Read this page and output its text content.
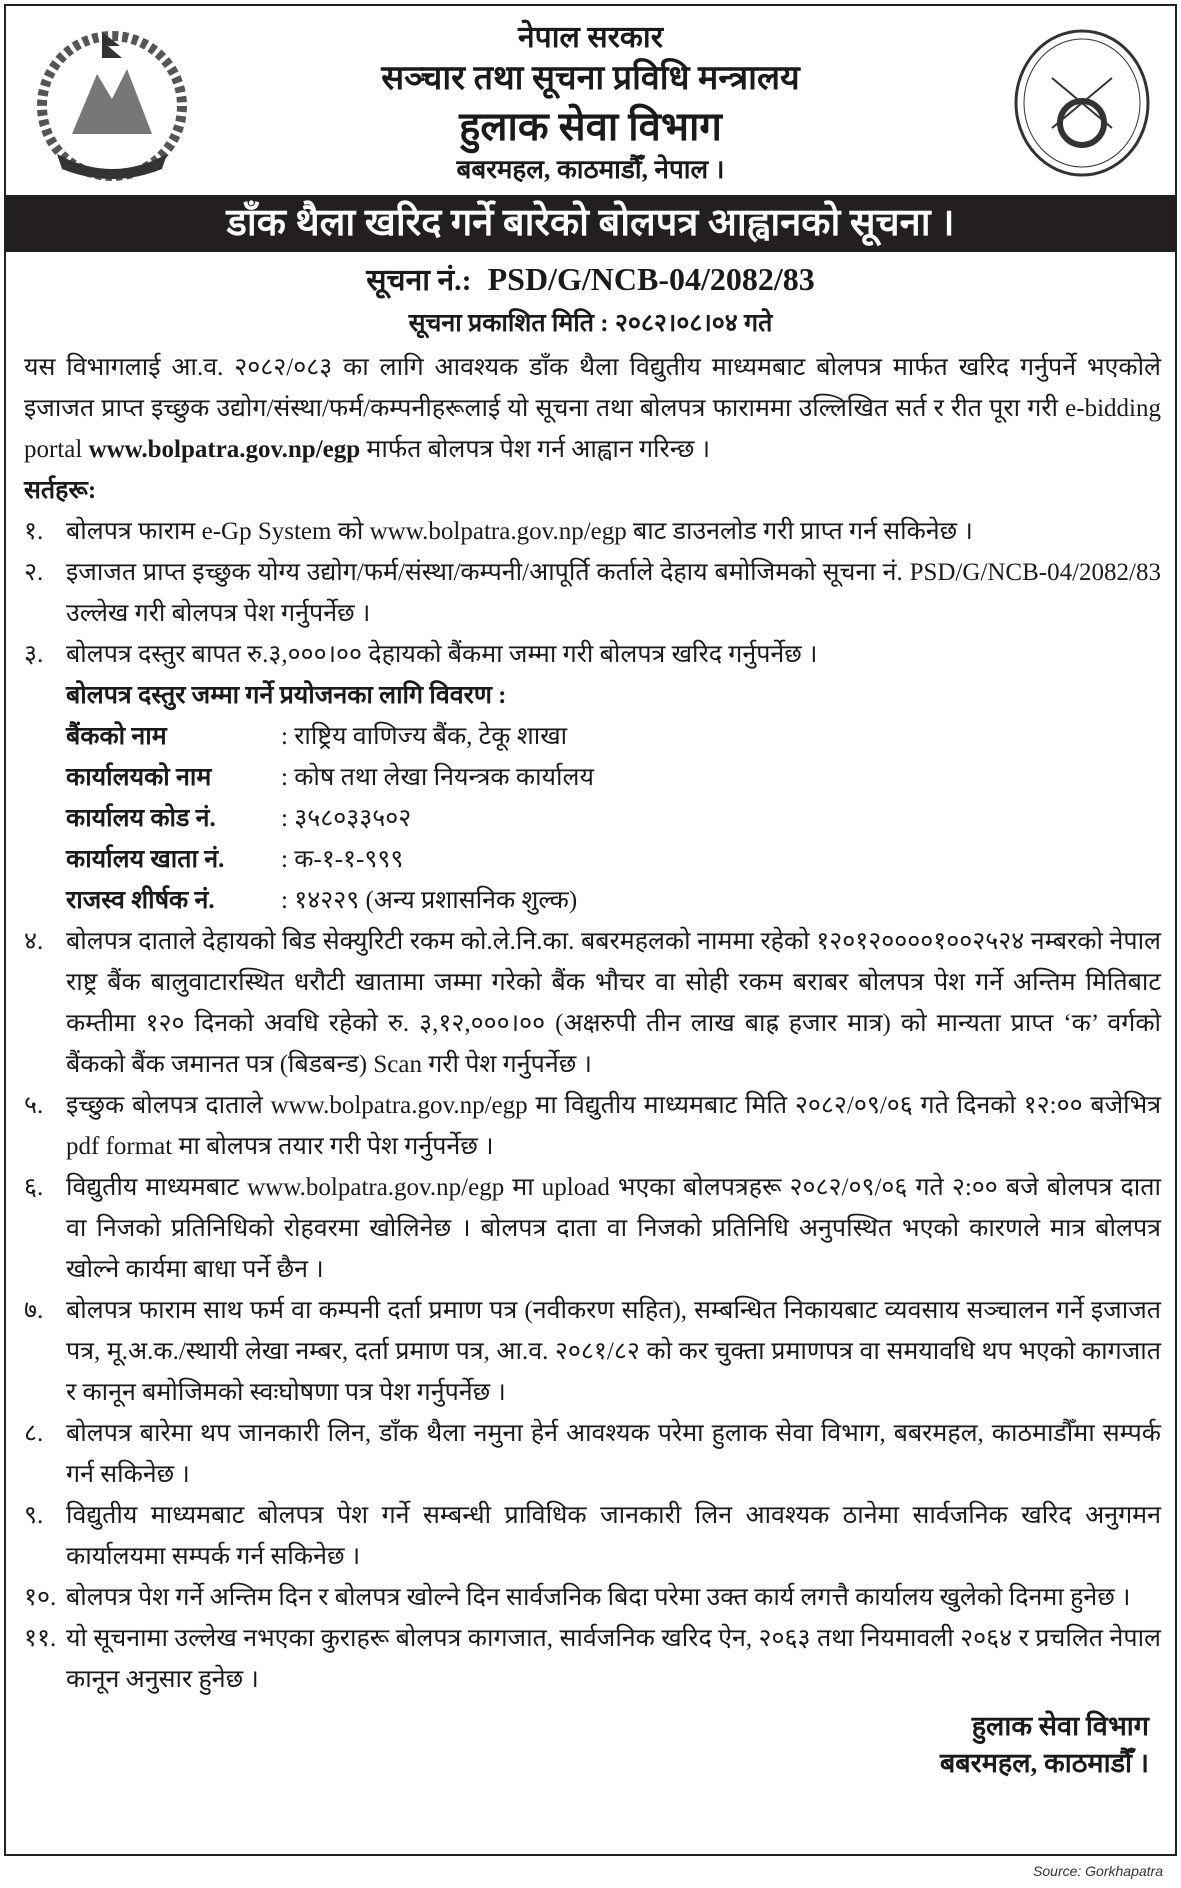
नेपाल सरकार
सञ्चार तथा सूचना प्रविधि मन्त्रालय
हुलाक सेवा विभाग
बबरमहल, काठमाडौँ, नेपाल ।
डाँक थैला खरिद गर्ने बारेको बोलपत्र आह्वानको सूचना ।
सूचना नं.: PSD/G/NCB-04/2082/83
सूचना प्रकाशित मिति : २०८२।०८।०४ गते

यस विभागलाई आ.व. २०८२/०८३ का लागि आवश्यक डाँक थैला विद्युतीय माध्यमबाट बोलपत्र मार्फत खरिद गर्नुपर्ने भएकोले इजाजत प्राप्त इच्छुक उद्योग/संस्था/फर्म/कम्पनीहरूलाई यो सूचना तथा बोलपत्र फाराममा उल्लिखित सर्त र रीत पूरा गरी e-bidding portal www.bolpatra.gov.np/egp मार्फत बोलपत्र पेश गर्न आह्वान गरिन्छ ।

सर्तहरू:

१. बोलपत्र फाराम e-Gp System को www.bolpatra.gov.np/egp बाट डाउनलोड गरी प्राप्त गर्न सकिनेछ ।
२. इजाजत प्राप्त इच्छुक योग्य उद्योग/फर्म/संस्था/कम्पनी/आपूर्ति कर्ताले देहाय बमोजिमको सूचना नं. PSD/G/NCB-04/2082/83 उल्लेख गरी बोलपत्र पेश गर्नुपर्नेछ ।
३. बोलपत्र दस्तुर बापत रु.३,०००।०० देहायको बैंकमा जम्मा गरी बोलपत्र खरिद गर्नुपर्नेछ ।
बोलपत्र दस्तुर जम्मा गर्ने प्रयोजनका लागि विवरण :
बैंकको नाम	: राष्ट्रिय वाणिज्य बैंक, टेकू शाखा
कार्यालयको नाम	: कोष तथा लेखा नियन्त्रक कार्यालय
कार्यालय कोड नं.	: ३५८०३३५०२
कार्यालय खाता नं.	: क-१-१-९९९
राजस्व शीर्षक नं.	: १४२२९ (अन्य प्रशासनिक शुल्क)
४. बोलपत्र दाताले देहायको बिड सेक्युरिटी रकम को.ले.नि.का. बबरमहलको नाममा रहेको १२०१२००००१००२५२४ नम्बरको नेपाल राष्ट्र बैंक बालुवाटारस्थित धरौटी खातामा जम्मा गरेको बैंक भौचर वा सोही रकम बराबर बोलपत्र पेश गर्ने अन्तिम मितिबाट कम्तीमा १२० दिनको अवधि रहेको रु. ३,१२,०००।०० (अक्षरुपी तीन लाख बाह्र हजार मात्र) को मान्यता प्राप्त ‘क’ वर्गको बैंकको बैंक जमानत पत्र (बिडबन्ड) Scan गरी पेश गर्नुपर्नेछ ।
५. इच्छुक बोलपत्र दाताले www.bolpatra.gov.np/egp मा विद्युतीय माध्यमबाट मिति २०८२/०९/०६ गते दिनको १२:०० बजेभित्र pdf format मा बोलपत्र तयार गरी पेश गर्नुपर्नेछ ।
६. विद्युतीय माध्यमबाट www.bolpatra.gov.np/egp मा upload भएका बोलपत्रहरू २०८२/०९/०६ गते २:०० बजे बोलपत्र दाता वा निजको प्रतिनिधिको रोहवरमा खोलिनेछ । बोलपत्र दाता वा निजको प्रतिनिधि अनुपस्थित भएको कारणले मात्र बोलपत्र खोल्ने कार्यमा बाधा पर्ने छैन ।
७. बोलपत्र फाराम साथ फर्म वा कम्पनी दर्ता प्रमाण पत्र (नवीकरण सहित), सम्बन्धित निकायबाट व्यवसाय सञ्चालन गर्ने इजाजत पत्र, मू.अ.क./स्थायी लेखा नम्बर, दर्ता प्रमाण पत्र, आ.व. २०८१/८२ को कर चुक्ता प्रमाणपत्र वा समयावधि थप भएको कागजात र कानून बमोजिमको स्वःघोषणा पत्र पेश गर्नुपर्नेछ ।
८. बोलपत्र बारेमा थप जानकारी लिन, डाँक थैला नमुना हेर्न आवश्यक परेमा हुलाक सेवा विभाग, बबरमहल, काठमाडौँमा सम्पर्क गर्न सकिनेछ ।
९. विद्युतीय माध्यमबाट बोलपत्र पेश गर्ने सम्बन्धी प्राविधिक जानकारी लिन आवश्यक ठानेमा सार्वजनिक खरिद अनुगमन कार्यालयमा सम्पर्क गर्न सकिनेछ ।
१०. बोलपत्र पेश गर्ने अन्तिम दिन र बोलपत्र खोल्ने दिन सार्वजनिक बिदा परेमा उक्त कार्य लगत्तै कार्यालय खुलेको दिनमा हुनेछ ।
११. यो सूचनामा उल्लेख नभएका कुराहरू बोलपत्र कागजात, सार्वजनिक खरिद ऐन, २०६३ तथा नियमावली २०६४ र प्रचलित नेपाल कानून अनुसार हुनेछ ।
हुलाक सेवा विभाग
बबरमहल, काठमाडौँ ।
Source: Gorkhapatra
